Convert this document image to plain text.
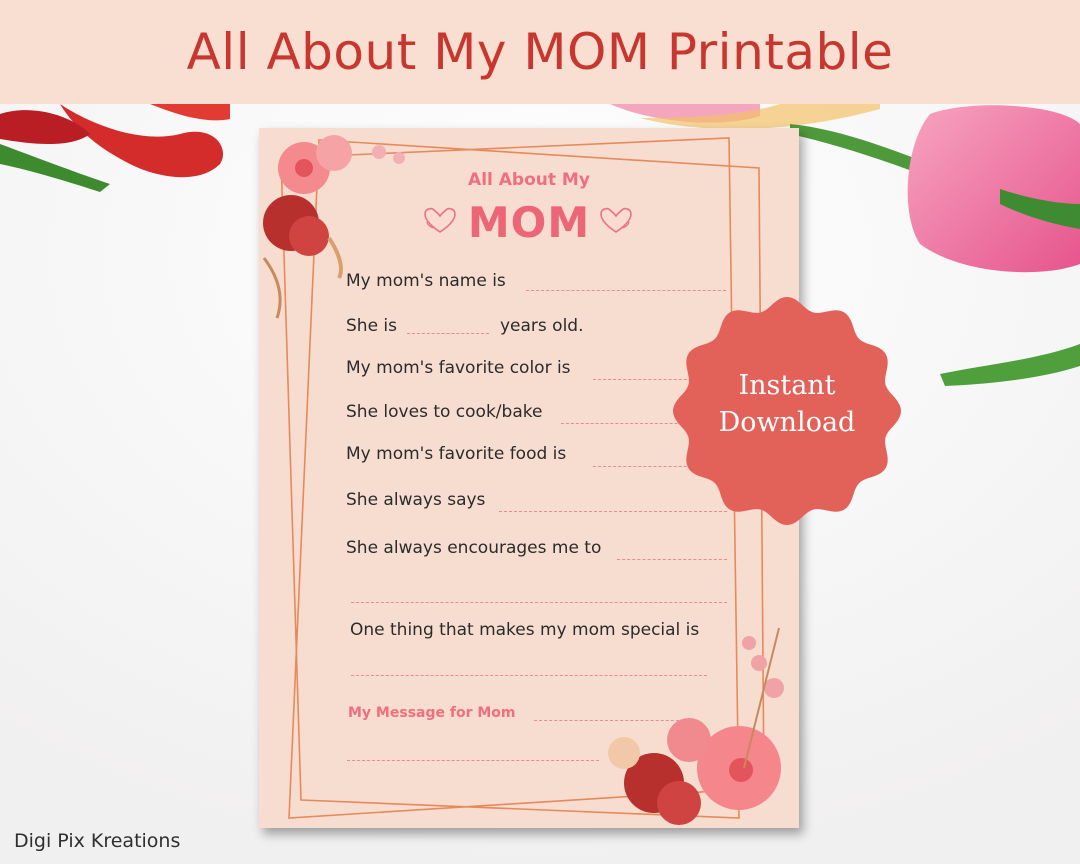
All About My MOM Printable
Digi Pix Kreations
All About My
MOM
My mom's name is
She is	years old.
My mom's favorite color is
She loves to cook/bake
My mom's favorite food is
She always says
She always encourages me to
One thing that makes my mom special is
My Message for Mom
Instant
Download
